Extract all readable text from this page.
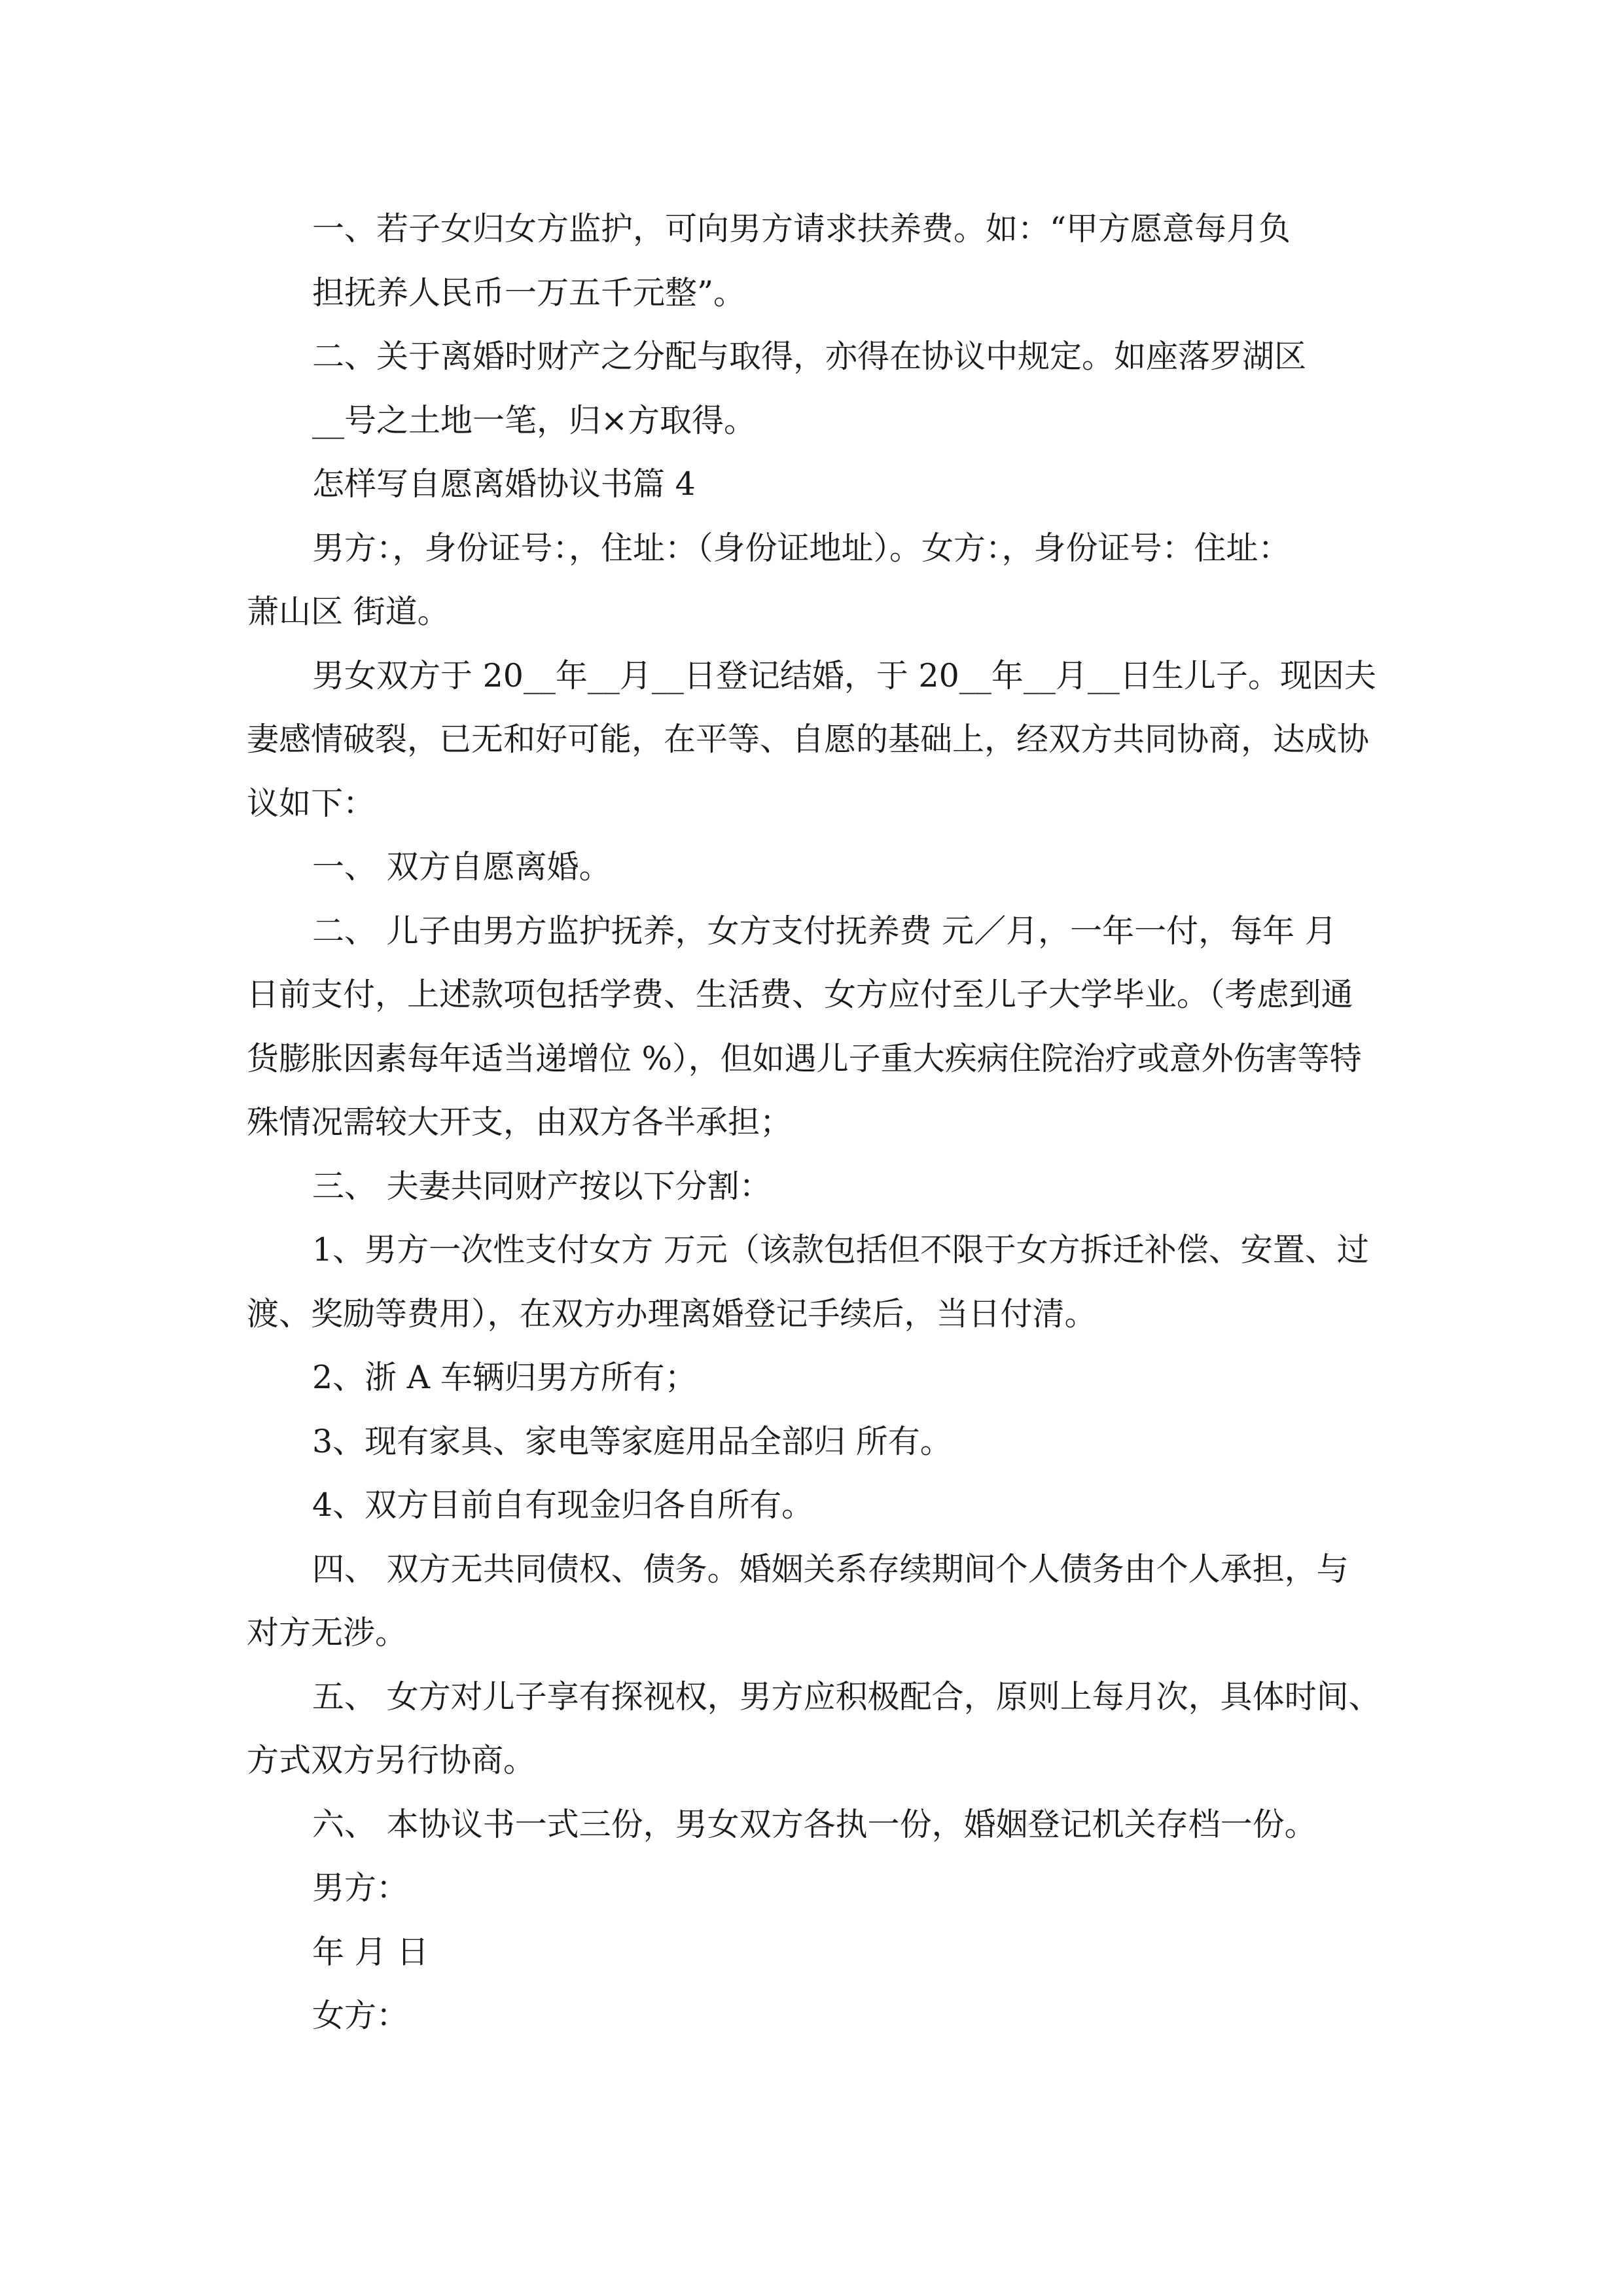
一、若子女归女方监护，可向男方请求扶养费。如：“甲方愿意每月负

担抚养人民币一万五千元整”。

二、关于离婚时财产之分配与取得，亦得在协议中规定。如座落罗湖区

__号之土地一笔，归×方取得。

怎样写自愿离婚协议书篇 4

男方：，身份证号：，住址：（身份证地址）。女方：，身份证号：住址：

萧山区 街道。

男女双方于 20__年__月__日登记结婚，于 20__年__月__日生儿子。现因夫

妻感情破裂，已无和好可能，在平等、自愿的基础上，经双方共同协商，达成协

议如下：

一、 双方自愿离婚。

二、 儿子由男方监护抚养，女方支付抚养费 元／月，一年一付，每年 月

日前支付，上述款项包括学费、生活费、女方应付至儿子大学毕业。（考虑到通

货膨胀因素每年适当递增位 %），但如遇儿子重大疾病住院治疗或意外伤害等特

殊情况需较大开支，由双方各半承担；

三、 夫妻共同财产按以下分割：

1、男方一次性支付女方 万元（该款包括但不限于女方拆迁补偿、安置、过

渡、奖励等费用），在双方办理离婚登记手续后，当日付清。

2、浙 A 车辆归男方所有；

3、现有家具、家电等家庭用品全部归 所有。

4、双方目前自有现金归各自所有。

四、 双方无共同债权、债务。婚姻关系存续期间个人债务由个人承担，与

对方无涉。

五、 女方对儿子享有探视权，男方应积极配合，原则上每月次，具体时间、

方式双方另行协商。

六、 本协议书一式三份，男女双方各执一份，婚姻登记机关存档一份。

男方：

年 月 日

女方：
